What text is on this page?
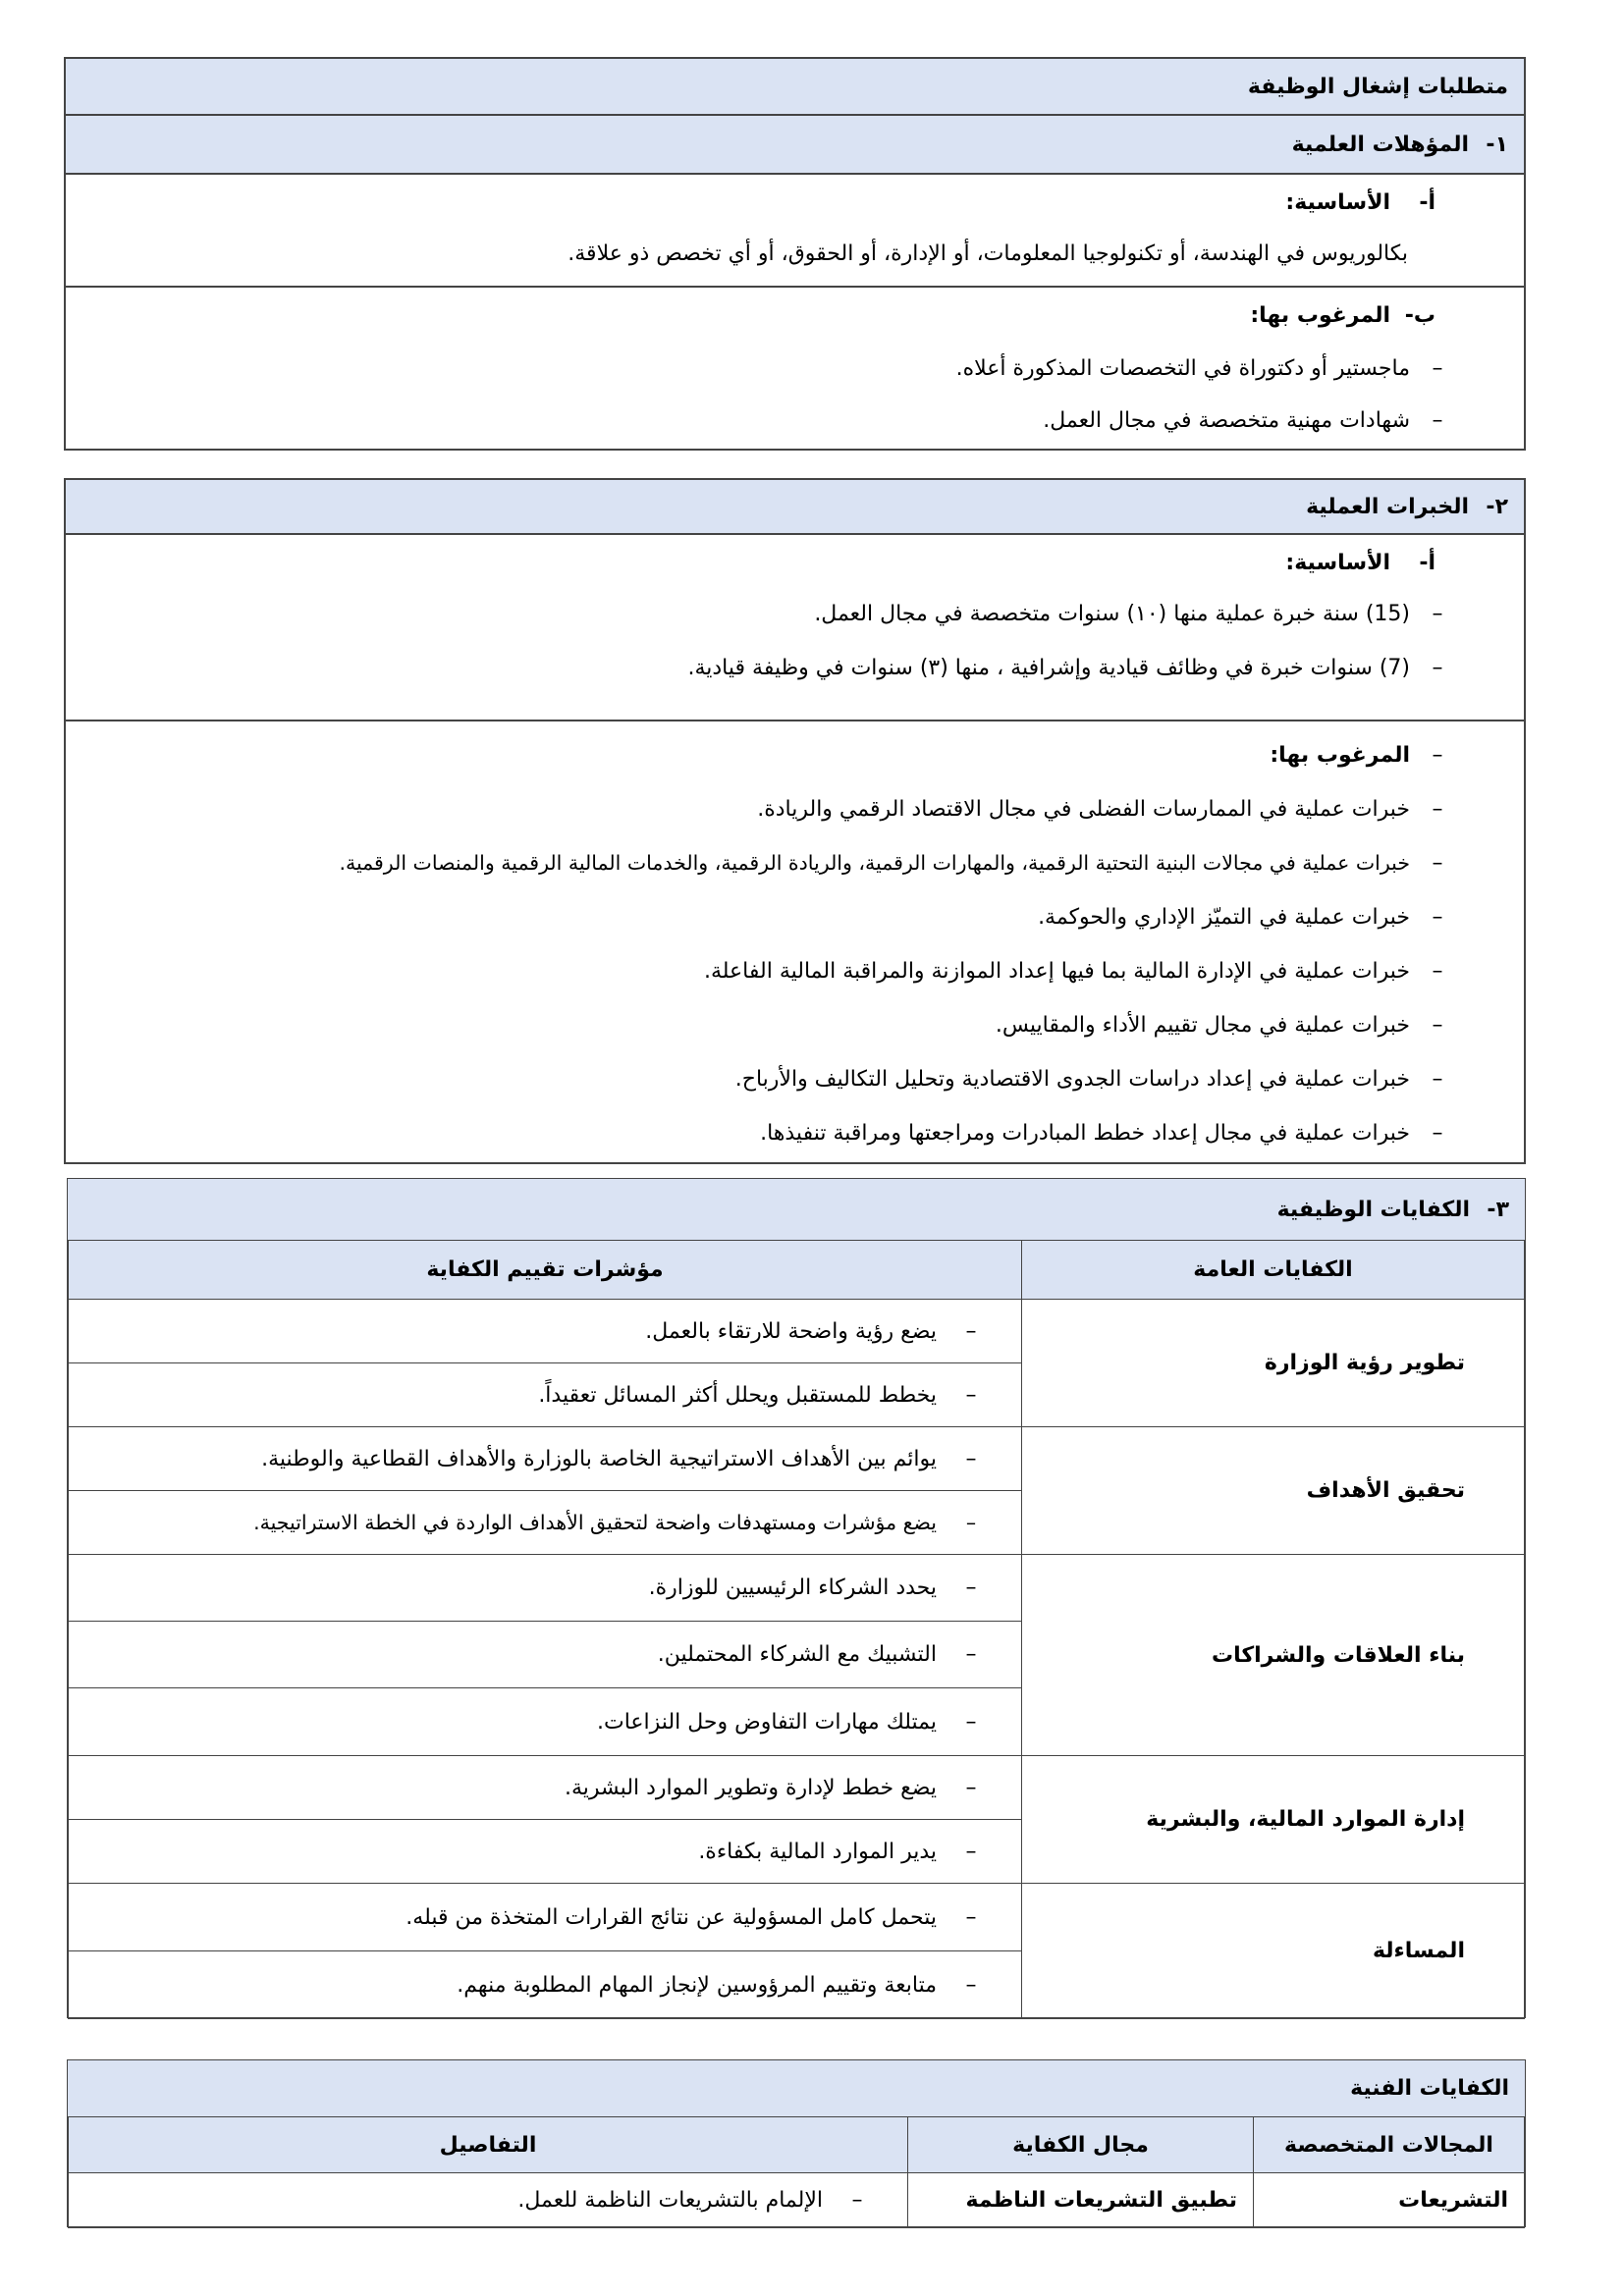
متطلبات إشغال الوظيفة
١-
المؤهلات العلمية
أ-الأساسية:
بكالوريوس في الهندسة، أو تكنولوجيا المعلومات، أو الإدارة، أو الحقوق، أو أي تخصص ذو علاقة.
ب-المرغوب بها:
–
ماجستير أو دكتوراة في التخصصات المذكورة أعلاه.
–
شهادات مهنية متخصصة في مجال العمل.
٢-
الخبرات العملية
أ-الأساسية:
–
(15) سنة خبرة عملية منها (١٠) سنوات متخصصة في مجال العمل.
–
(7) سنوات خبرة في وظائف قيادية وإشرافية ، منها (٣) سنوات في وظيفة قيادية.
–
المرغوب بها:
–
خبرات عملية في الممارسات الفضلى في مجال الاقتصاد الرقمي والريادة.
–
خبرات عملية في مجالات البنية التحتية الرقمية، والمهارات الرقمية، والريادة الرقمية، والخدمات المالية الرقمية والمنصات الرقمية.
–
خبرات عملية في التميّز الإداري والحوكمة.
–
خبرات عملية في الإدارة المالية بما فيها إعداد الموازنة والمراقبة المالية الفاعلة.
–
خبرات عملية في مجال تقييم الأداء والمقاييس.
–
خبرات عملية في إعداد دراسات الجدوى الاقتصادية وتحليل التكاليف والأرباح.
–
خبرات عملية في مجال إعداد خطط المبادرات ومراجعتها ومراقبة تنفيذها.
٣-
الكفايات الوظيفية
الكفايات العامة	مؤشرات تقييم الكفاية
تطوير رؤية الوزارة	–يضع رؤية واضحة للارتقاء بالعمل.
	–يخطط للمستقبل ويحلل أكثر المسائل تعقيداً.
تحقيق الأهداف	–يوائم بين الأهداف الاستراتيجية الخاصة بالوزارة والأهداف القطاعية والوطنية.
	–يضع مؤشرات ومستهدفات واضحة لتحقيق الأهداف الواردة في الخطة الاستراتيجية.
بناء العلاقات والشراكات	–يحدد الشركاء الرئيسيين للوزارة.
	–التشبيك مع الشركاء المحتملين.
	–يمتلك مهارات التفاوض وحل النزاعات.
إدارة الموارد المالية، والبشرية	–يضع خطط لإدارة وتطوير الموارد البشرية.
	–يدير الموارد المالية بكفاءة.
المساءلة	–يتحمل كامل المسؤولية عن نتائج القرارات المتخذة من قبله.
	–متابعة وتقييم المرؤوسين لإنجاز المهام المطلوبة منهم.
الكفايات الفنية
المجالات المتخصصة	مجال الكفاية	التفاصيل
التشريعات	تطبيق التشريعات الناظمة	–الإلمام بالتشريعات الناظمة للعمل.
